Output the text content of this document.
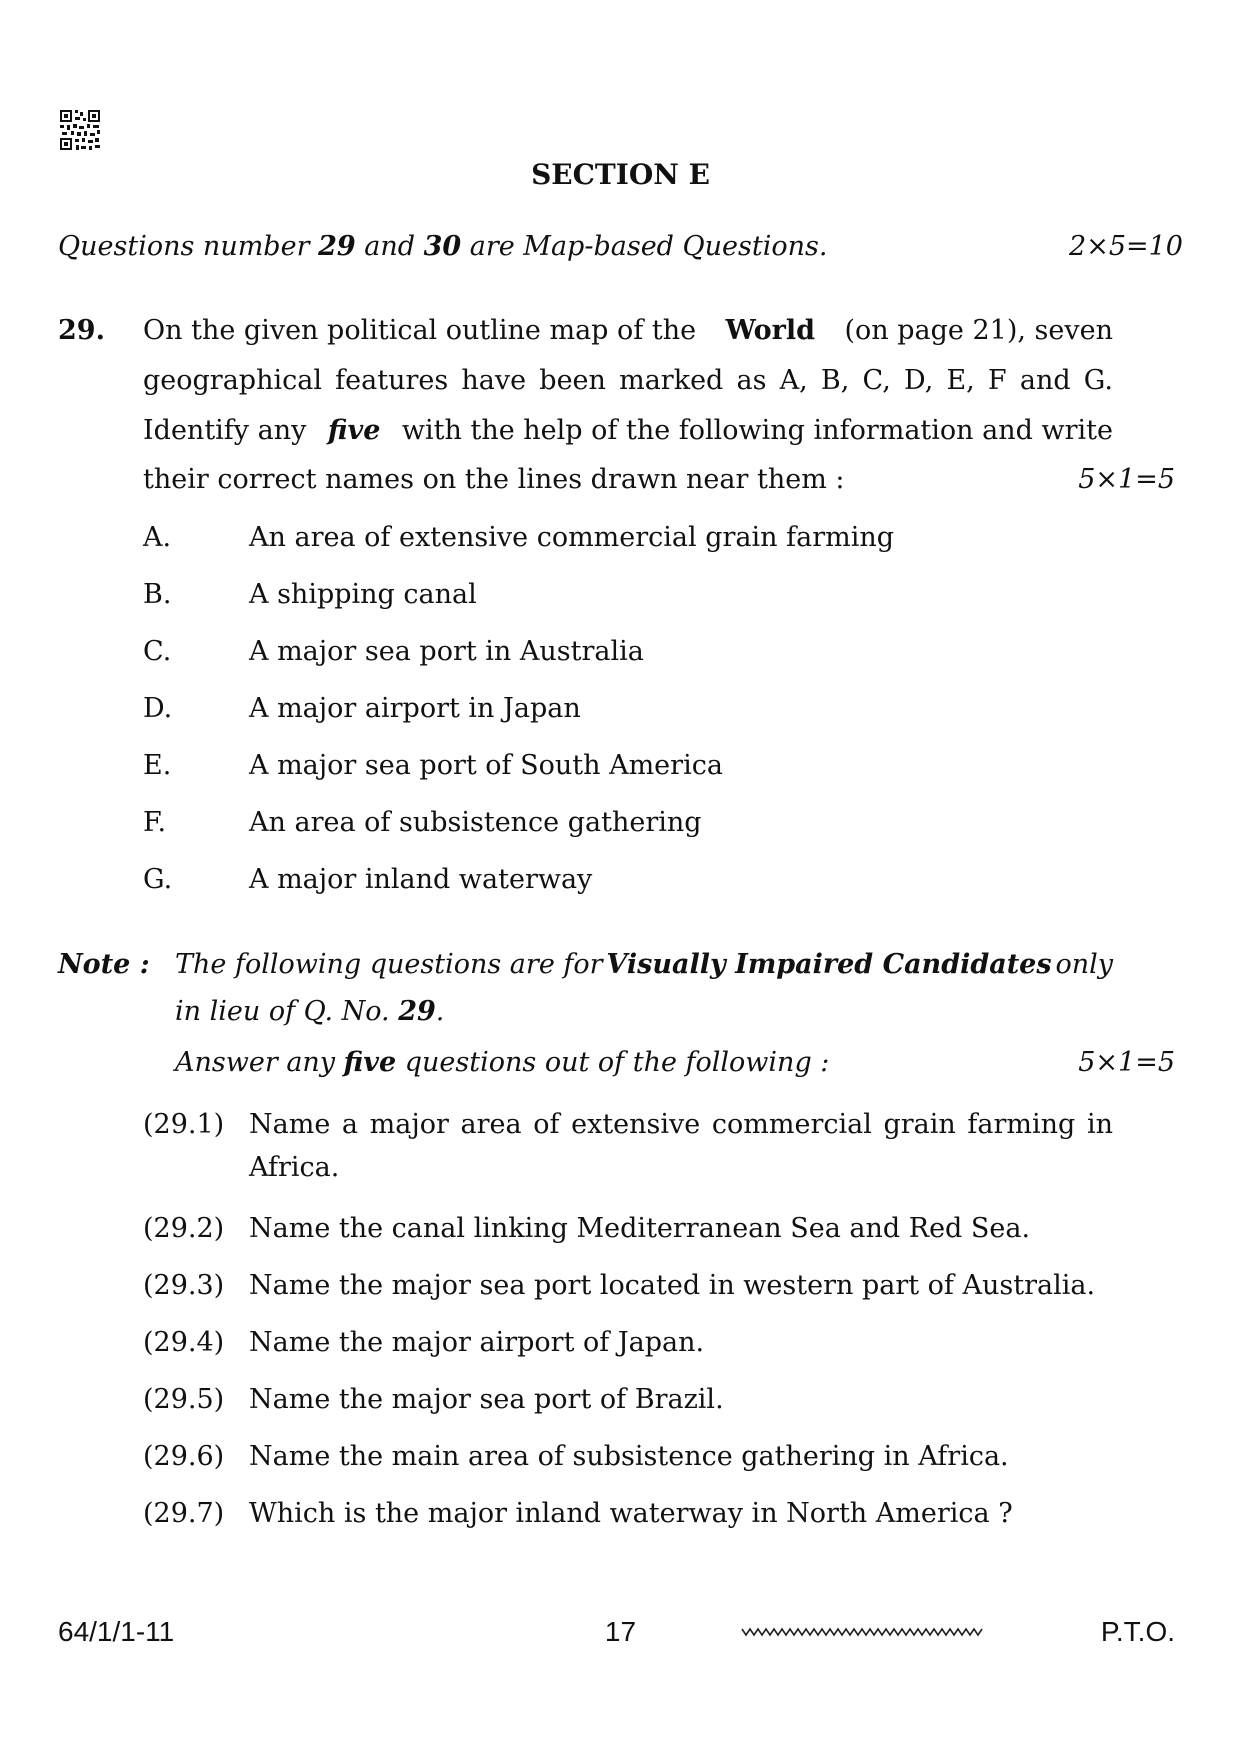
SECTION E
Questions number 29 and 30 are Map-based Questions.	2×5=10
29. On the given political outline map of the World (on page 21), seven
geographical features have been marked as A, B, C, D, E, F and G.
Identify any five with the help of the following information and write
their correct names on the lines drawn near them :	5×1=5
A.	An area of extensive commercial grain farming
B.	A shipping canal
C.	A major sea port in Australia
D.	A major airport in Japan
E.	A major sea port of South America
F.	An area of subsistence gathering
G.	A major inland waterway
Note : The following questions are for Visually Impaired Candidates only
in lieu of Q. No. 29.
Answer any five questions out of the following :	5×1=5
(29.1) Name a major area of extensive commercial grain farming in
Africa.
(29.2) Name the canal linking Mediterranean Sea and Red Sea.
(29.3) Name the major sea port located in western part of Australia.
(29.4) Name the major airport of Japan.
(29.5) Name the major sea port of Brazil.
(29.6) Name the main area of subsistence gathering in Africa.
(29.7) Which is the major inland waterway in North America ?
64/1/1-11	17	P.T.O.
